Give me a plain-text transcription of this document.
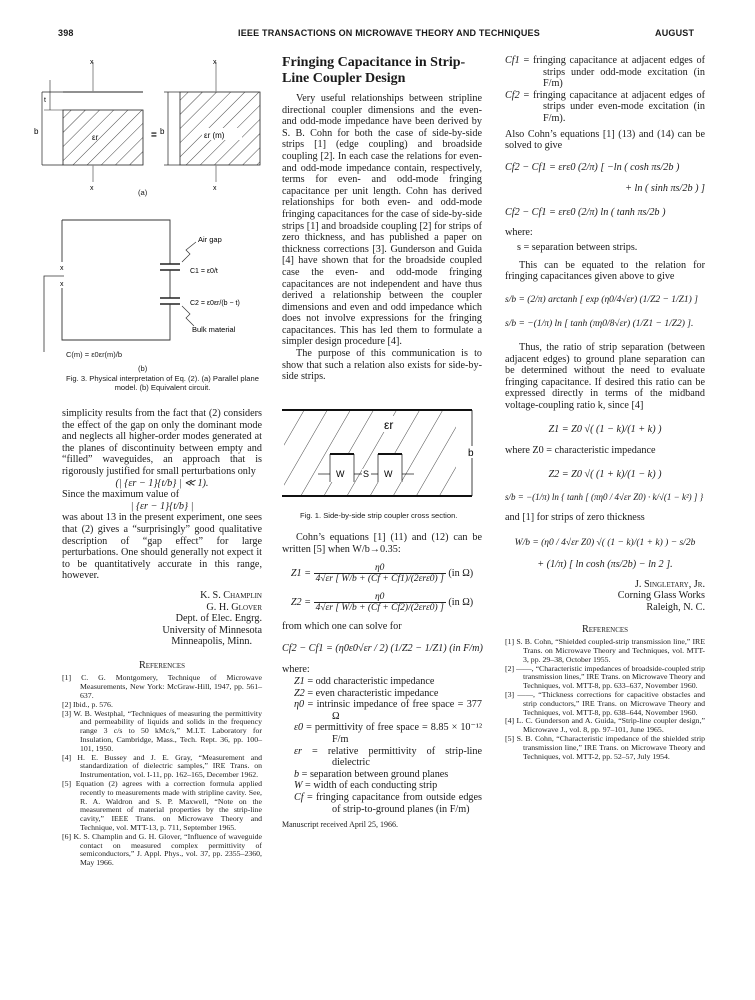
398	IEEE TRANSACTIONS ON MICROWAVE THEORY AND TECHNIQUES	AUGUST
t
b
εr
x
x
= b	εr (m)
x
x
(a)
x
x
Air gap
C1 = ε0/t
C2 = ε0εr/(b − t)
Bulk material
C(m) = ε0εr(m)/b
(b)
Fig. 3. Physical interpretation of Eq. (2). (a) Parallel plane model. (b) Equivalent circuit.

simplicity results from the fact that (2) considers the effect of the gap on only the dominant mode and neglects all higher-order modes generated at the planes of discontinuity between empty and “filled” waveguides, an approach that is rigorously justified for small perturbations only

(| {εr − 1}{t/b} | ≪ 1).

Since the maximum value of

| {εr − 1}{t/b} |

was about 13 in the present experiment, one sees that (2) gives a “surprisingly” good qualitative description of “gap effect” for large perturbations. One should generally not expect it to be quantitatively accurate in this range, however.

K. S. Champlin

G. H. Glover

Dept. of Elec. Engrg.

University of Minnesota

Minneapolis, Minn.

References

[1] C. G. Montgomery, Technique of Microwave Measurements, New York: McGraw-Hill, 1947, pp. 561–637.

[2] Ibid., p. 576.

[3] W. B. Westphal, “Techniques of measuring the permittivity and permeability of liquids and solids in the frequency range 3 c/s to 50 kMc/s,” M.I.T. Laboratory for Insulation, Cambridge, Mass., Tech. Rept. 36, pp. 100–101, 1950.

[4] H. E. Bussey and J. E. Gray, “Measurement and standardization of dielectric samples,” IRE Trans. on Instrumentation, vol. I-11, pp. 162–165, December 1962.

[5] Equation (2) agrees with a correction formula applied recently to measurements made with stripline cavity. See, R. A. Waldron and S. P. Maxwell, “Note on the measurement of material properties by the strip-line cavity,” IEEE Trans. on Microwave Theory and Technique, vol. MTT-13, p. 711, September 1965.

[6] K. S. Champlin and G. H. Glover, “Influence of waveguide contact on measured complex permittivity of semiconductors,” J. Appl. Phys., vol. 37, pp. 2355–2360, May 1966.

Fringing Capacitance in Strip-Line Coupler Design

Very useful relationships between stripline directional coupler dimensions and the even- and odd-mode impedance have been derived by S. B. Cohn for both the case of side-by-side strips [1] (edge coupling) and broadside coupling [2]. In each case the relations for even- and odd-mode impedance contain, respectively, terms for even- and odd-mode fringing capacitance per unit length. Cohn has derived relationships for both even- and odd-mode fringing capacitances for the case of side-by-side strips [1] and broadside coupling [2] for strips of zero thickness, and has published a paper on thickness corrections [3]. Gunderson and Guida [4] have shown that for the broadside coupled case the even- and odd-mode fringing capacitances are not independent and have thus derived a relationship between the coupler dimensions and even and odd impedance which does not involve expressions for the fringing capacitances. This has led them to formulate a simpler design procedure [4].

The purpose of this communication is to show that such a relation also exists for side-by-side strips.

εr
W S W
b
Fig. 1. Side-by-side strip coupler cross section.

Cohn’s equations [1] (11) and (12) can be written [5] when W/b→0.35:

$Z1 = \frac{\eta 0}{\text{4√εr [ W/b + (Cf + Cf1)/(2εrε0) ]}} (in$ Ω)

$Z2 = \frac{\eta 0}{\text{4√εr [ W/b + (Cf + Cf2)/(2εrε0) ]}} (in$ Ω)

from which one can solve for

Cf2 − Cf1 = (η0ε0√εr / 2) (1/Z2 − 1/Z1) (in F/m)

where:

Z1 = odd characteristic impedance

Z2 = even characteristic impedance

η0 = intrinsic impedance of free space = 377 Ω

ε0 = permittivity of free space = 8.85 × 10⁻¹² F/m

εr = relative permittivity of strip-line dielectric

b = separation between ground planes

W = width of each conducting strip

Cf = fringing capacitance from outside edges of strip-to-ground planes (in F/m)

Manuscript received April 25, 1966.

Cf1 = fringing capacitance at adjacent edges of strips under odd-mode excitation (in F/m)

Cf2 = fringing capacitance at adjacent edges of strips under even-mode excitation (in F/m).

Also Cohn’s equations [1] (13) and (14) can be solved to give

Cf2 − Cf1 = εrε0 (2/π) [ −ln ( cosh πs/2b )

+ ln ( sinh πs/2b ) ]

Cf2 − Cf1 = εrε0 (2/π) ln ( tanh πs/2b )

where:

s = separation between strips.

This can be equated to the relation for fringing capacitances given above to give

s/b = (2/π) arctanh [ exp (η0/4√εr) (1/Z2 − 1/Z1) ]

s/b = −(1/π) ln [ tanh (πη0/8√εr) (1/Z1 − 1/Z2) ].

Thus, the ratio of strip separation (between adjacent edges) to ground plane separation can be determined without the need to evaluate fringing capacitance. If desired this ratio can be expressed directly in terms of the midband voltage-coupling ratio k, since [4]

Z1 = Z0 √( (1 − k)/(1 + k) )

where Z0 = characteristic impedance

Z2 = Z0 √( (1 + k)/(1 − k) )

s/b = −(1/π) ln { tanh [ (πη0 / 4√εr Z0) · k/√(1 − k²) ] }

and [1] for strips of zero thickness

W/b = (η0 / 4√εr Z0) √( (1 − k)/(1 + k) ) − s/2b

+ (1/π) [ ln cosh (πs/2b) − ln 2 ].

J. Singletary, Jr.

Corning Glass Works

Raleigh, N. C.

References

[1] S. B. Cohn, “Shielded coupled-strip transmission line,” IRE Trans. on Microwave Theory and Techniques, vol. MTT-3, pp. 29–38, October 1955.

[2] ——, “Characteristic impedances of broadside-coupled strip transmission lines,” IRE Trans. on Microwave Theory and Techniques, vol. MTT-8, pp. 633–637, November 1960.

[3] ——, “Thickness corrections for capacitive obstacles and strip conductors,” IRE Trans. on Microwave Theory and Techniques, vol. MTT-8, pp. 638–644, November 1960.

[4] L. C. Gunderson and A. Guida, “Strip-line coupler design,” Microwave J., vol. 8, pp. 97–101, June 1965.

[5] S. B. Cohn, “Characteristic impedance of the shielded strip transmission line,” IRE Trans. on Microwave Theory and Techniques, vol. MTT-2, pp. 52–57, July 1954.
